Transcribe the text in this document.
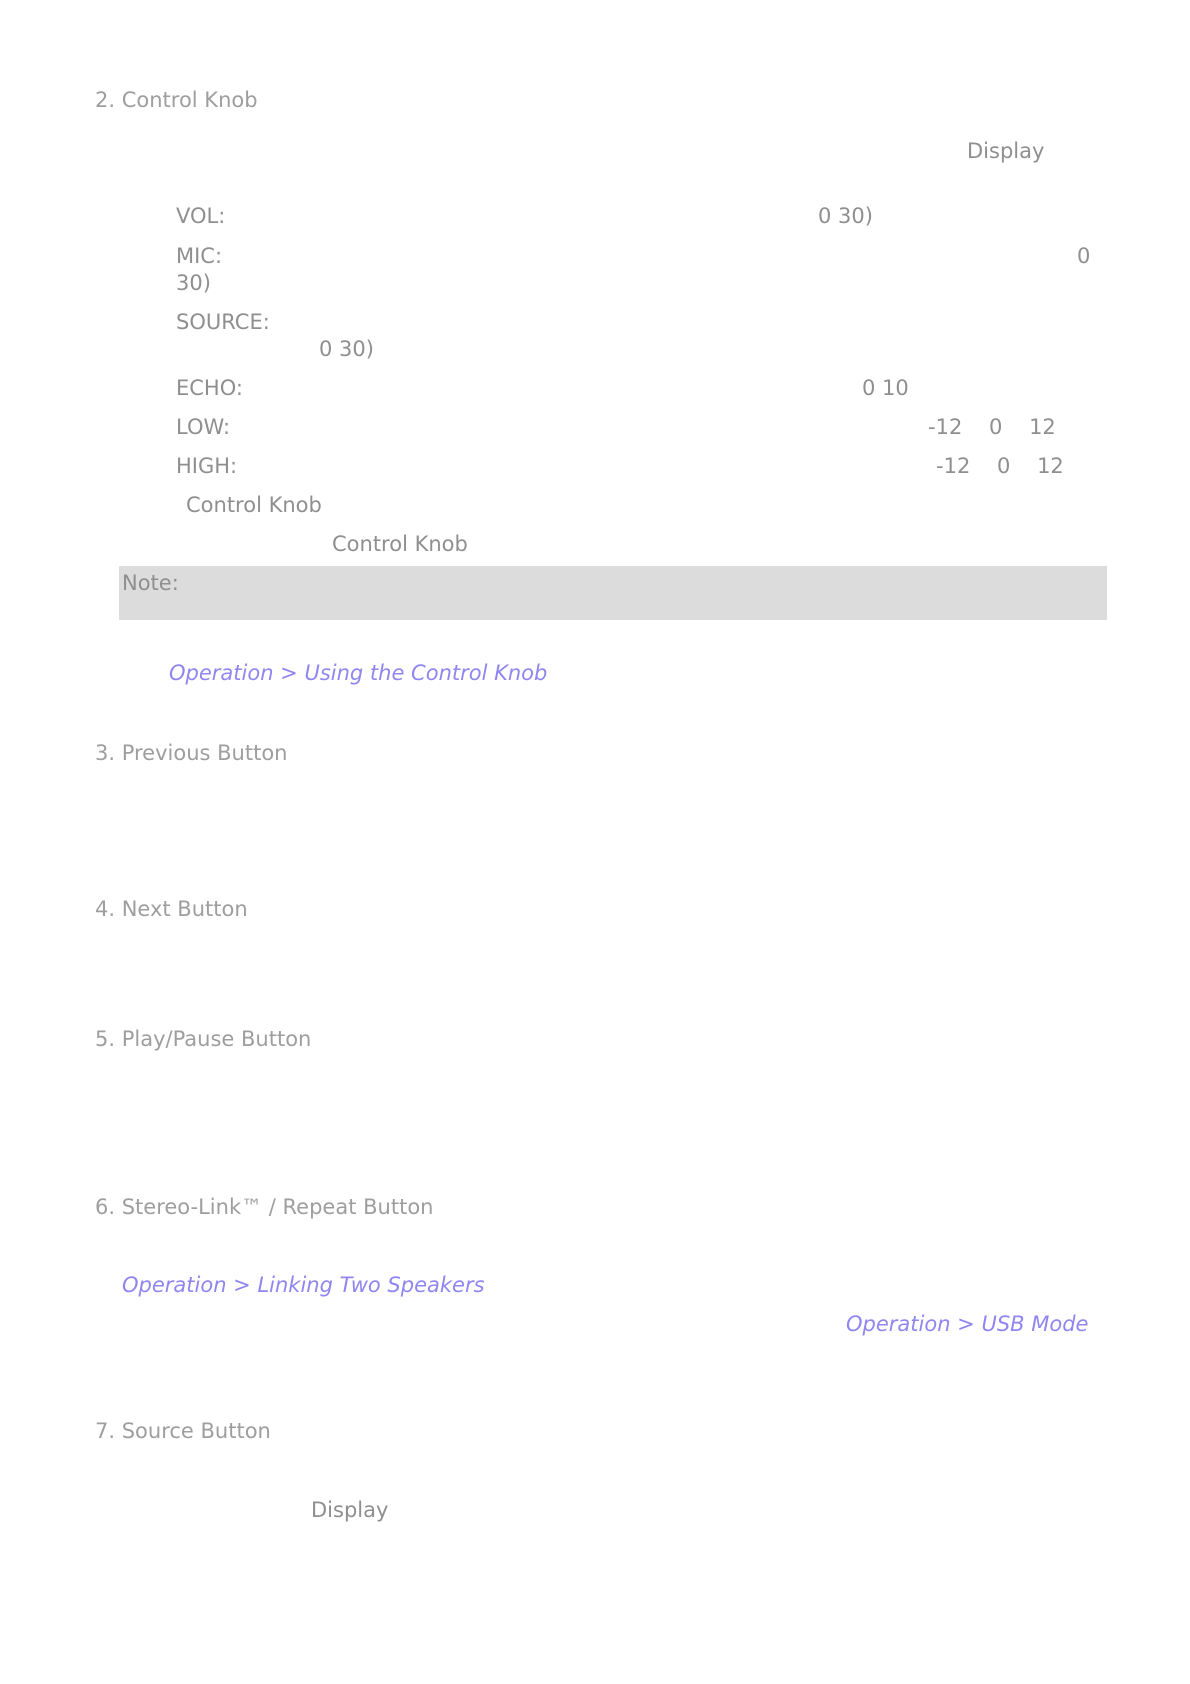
2. Control Knob
Display
VOL:	0 30)
MIC:	0
30)
SOURCE:
0 30)
ECHO:	0 10
LOW:	-12    0    12
HIGH:	-12    0    12
Control Knob
Control Knob
Note:
Operation > Using the Control Knob
3. Previous Button
4. Next Button
5. Play/Pause Button
6. Stereo-Link™ / Repeat Button
Operation > Linking Two Speakers
Operation > USB Mode
7. Source Button
Display
